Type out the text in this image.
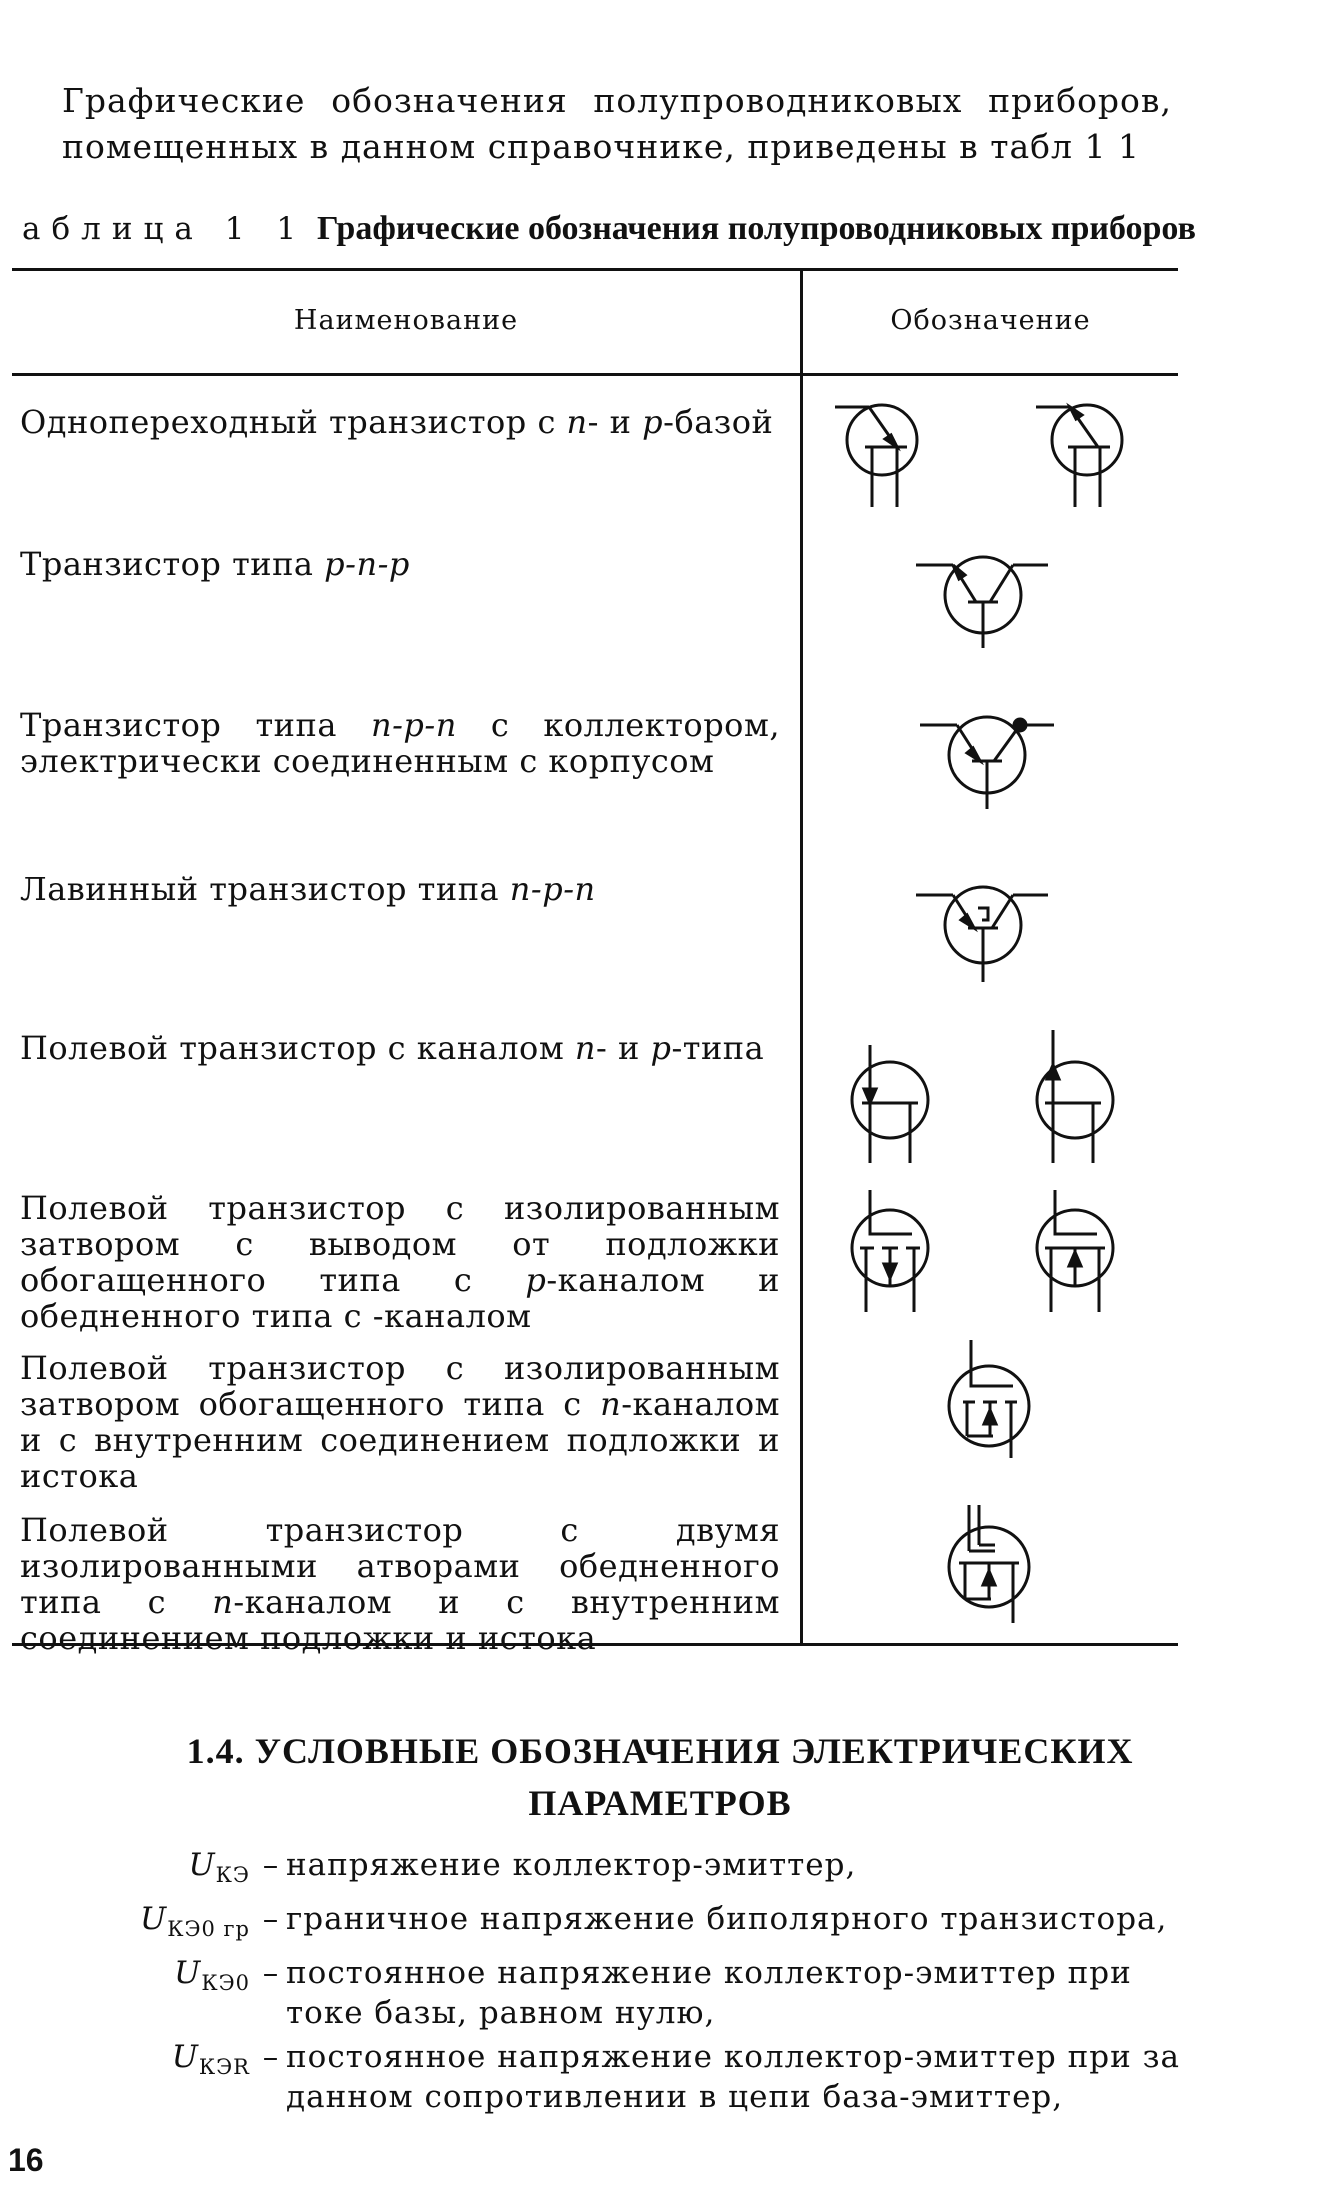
Графические обозначения полупроводниковых приборов, помещенных в данном справочнике, приведены в табл 1 1

аблица 1 1 Графические обозначения полупроводниковых приборов

Наименование	Обозначение

Однопереходный транзистор с n- и p-базой

Транзистор типа p-n-p

Транзистор типа n-p-n с коллектором, электрически соединенным с корпусом

Лавинный транзистор типа n-p-n

Полевой транзистор с каналом n- и p-типа

Полевой транзистор с изолированным затвором с выводом от подложки обогащенного типа с p-каналом и обедненного типа с -каналом

Полевой транзистор с изолированным затвором обогащенного типа с n-каналом и с внутренним соединением подложки и истока

Полевой транзистор с двумя изолированными атворами обедненного типа с n-каналом и с внутренним соединением подложки и истока

1.4. УСЛОВНЫЕ ОБОЗНАЧЕНИЯ ЭЛЕКТРИЧЕСКИХ
ПАРАМЕТРОВ
$U_{КЭ}$ – напряжение коллектор-эмиттер,
$U_{КЭ0 гр}$ – граничное напряжение биполярного транзистора,
$U_{КЭ0}$ – постоянное напряжение коллектор-эмиттер при токе базы, равном нулю,
$U_{КЭR}$ – постоянное напряжение коллектор-эмиттер при за данном сопротивлении в цепи база-эмиттер,
16
